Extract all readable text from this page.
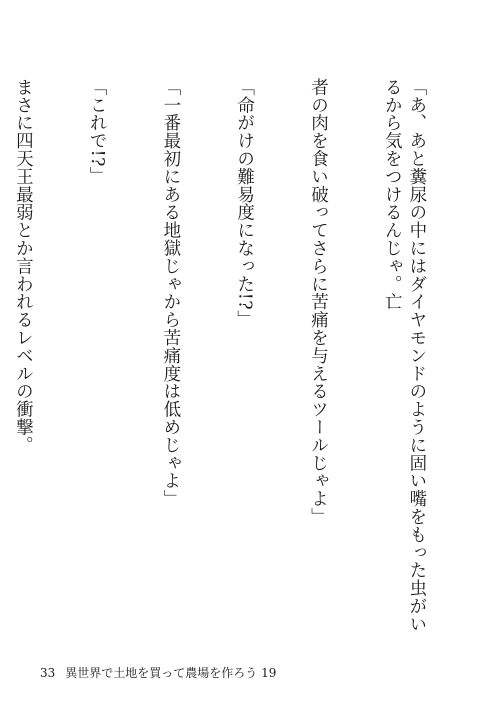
「あ、あと糞尿の中にはダイヤモンドのように固い嘴をもった虫がいるから気をつけるんじゃ。亡

者の肉を食い破ってさらに苦痛を与えるツールじゃよ」

「命がけの難易度になった!?」

「一番最初にある地獄じゃから苦痛度は低めじゃよ」

「これで!?」

まさに四天王最弱とか言われるレベルの衝撃。

33 異世界で土地を買って農場を作ろう 19
